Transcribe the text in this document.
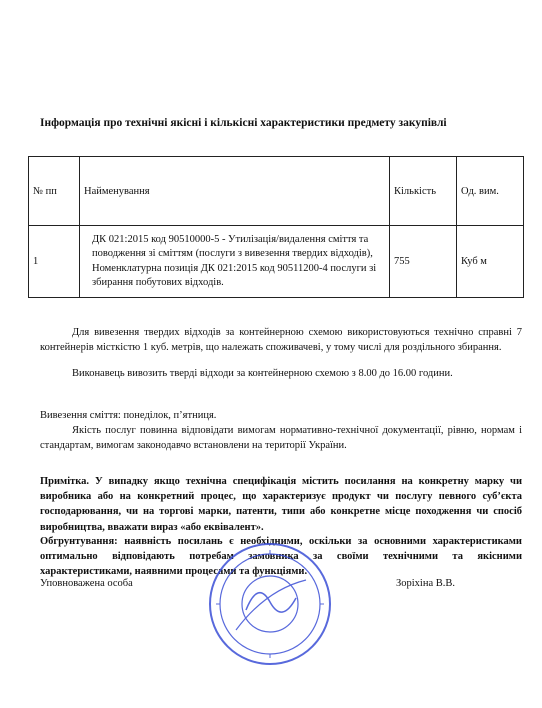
Інформація про технічні якісні і кількісні характеристики предмету закупівлі
№ пп	Найменування	Кількість	Од. вим.
1	ДК 021:2015 код 90510000-5 - Утилізація/видалення сміття та поводження зі сміттям (послуги з вивезення твердих відходів), Номенклатурна позиція ДК 021:2015 код 90511200-4 послуги зі збирання побутових відходів.	755	Куб м
Для вивезення твердих відходів за контейнерною схемою використовуються технічно справні 7 контейнерів місткістю 1 куб. метрів, що належать споживачеві, у тому числі для роздільного збирання.
Виконавець вивозить тверді відходи за контейнерною схемою з 8.00 до 16.00 години.
Вивезення сміття: понеділок, п’ятниця.
Якість послуг повинна відповідати вимогам нормативно-технічної документації, рівню, нормам і стандартам, вимогам законодавчо встановлени на території України.
Примітка. У випадку якщо технічна специфікація містить посилання на конкретну марку чи виробника або на конкретний процес, що характеризує продукт чи послугу певного суб’єкта господарювання, чи на торгові марки, патенти, типи або конкретне місце походження чи спосіб виробництва, вважати вираз «або еквівалент».
Обгрунтування: наявність посилань є необхідними, оскільки за основними характеристиками оптимально відповідають потребам замовника за своїми технічними та якісними характеристиками, наявними процесами та функціями.
Уповноважена особа	Зоріхіна В.В.
